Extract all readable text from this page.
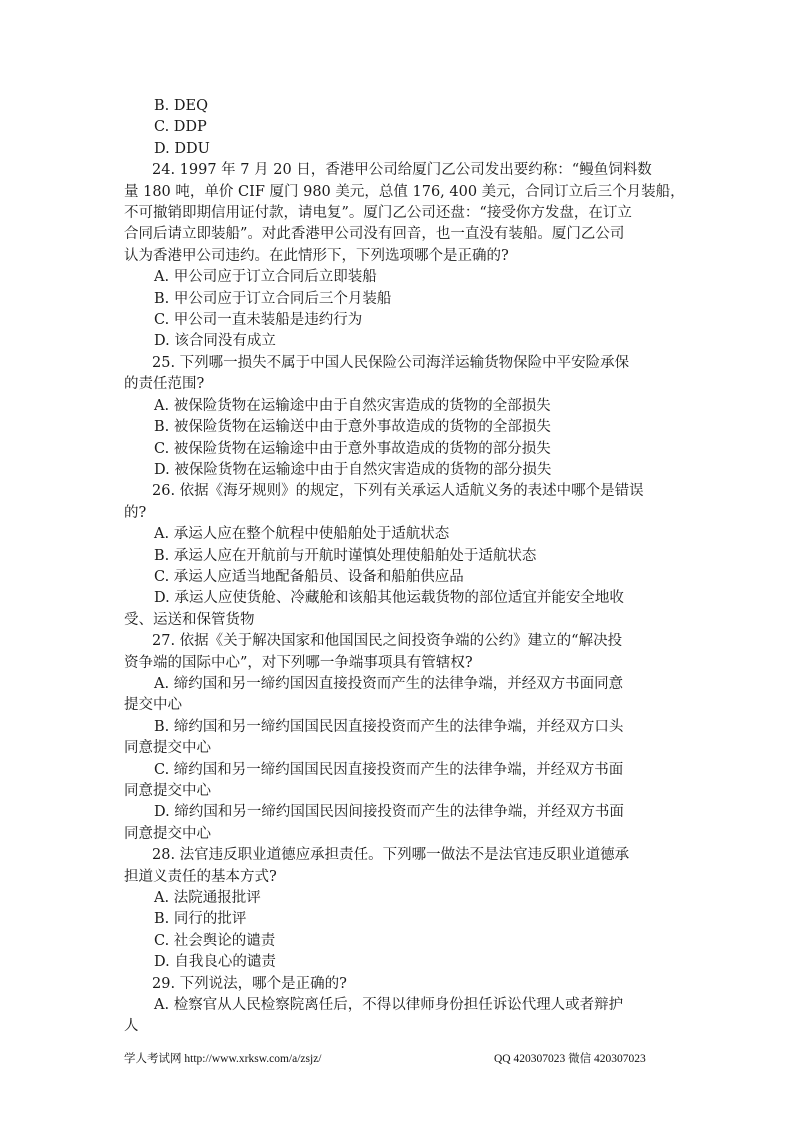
B. DEQ
C. DDP
D. DDU
24. 1997 年 7 月 20 日，香港甲公司给厦门乙公司发出要约称：“鳗鱼饲料数
量 180 吨，单价 CIF 厦门 980 美元，总值 176, 400 美元，合同订立后三个月装船，
不可撤销即期信用证付款，请电复”。厦门乙公司还盘：“接受你方发盘，在订立
合同后请立即装船”。对此香港甲公司没有回音，也一直没有装船。厦门乙公司
认为香港甲公司违约。在此情形下，下列选项哪个是正确的?
A. 甲公司应于订立合同后立即装船
B. 甲公司应于订立合同后三个月装船
C. 甲公司一直未装船是违约行为
D. 该合同没有成立
25. 下列哪一损失不属于中国人民保险公司海洋运输货物保险中平安险承保
的责任范围?
A. 被保险货物在运输途中由于自然灾害造成的货物的全部损失
B. 被保险货物在运输送中由于意外事故造成的货物的全部损失
C. 被保险货物在运输途中由于意外事故造成的货物的部分损失
D. 被保险货物在运输途中由于自然灾害造成的货物的部分损失
26. 依据《海牙规则》的规定，下列有关承运人适航义务的表述中哪个是错误
的?
A. 承运人应在整个航程中使船舶处于适航状态
B. 承运人应在开航前与开航时谨慎处理使船舶处于适航状态
C. 承运人应适当地配备船员、设备和船舶供应品
D. 承运人应使货舱、冷藏舱和该船其他运载货物的部位适宜并能安全地收
受、运送和保管货物
27. 依据《关于解决国家和他国国民之间投资争端的公约》建立的“解决投
资争端的国际中心”，对下列哪一争端事项具有管辖权?
A. 缔约国和另一缔约国因直接投资而产生的法律争端，并经双方书面同意
提交中心
B. 缔约国和另一缔约国国民因直接投资而产生的法律争端，并经双方口头
同意提交中心
C. 缔约国和另一缔约国国民因直接投资而产生的法律争端，并经双方书面
同意提交中心
D. 缔约国和另一缔约国国民因间接投资而产生的法律争端，并经双方书面
同意提交中心
28. 法官违反职业道德应承担责任。下列哪一做法不是法官违反职业道德承
担道义责任的基本方式?
A. 法院通报批评
B. 同行的批评
C. 社会舆论的谴责
D. 自我良心的谴责
29. 下列说法，哪个是正确的?
A. 检察官从人民检察院离任后，不得以律师身份担任诉讼代理人或者辩护
人
学人考试网 http://www.xrksw.com/a/zsjz/	QQ 420307023 微信 420307023
